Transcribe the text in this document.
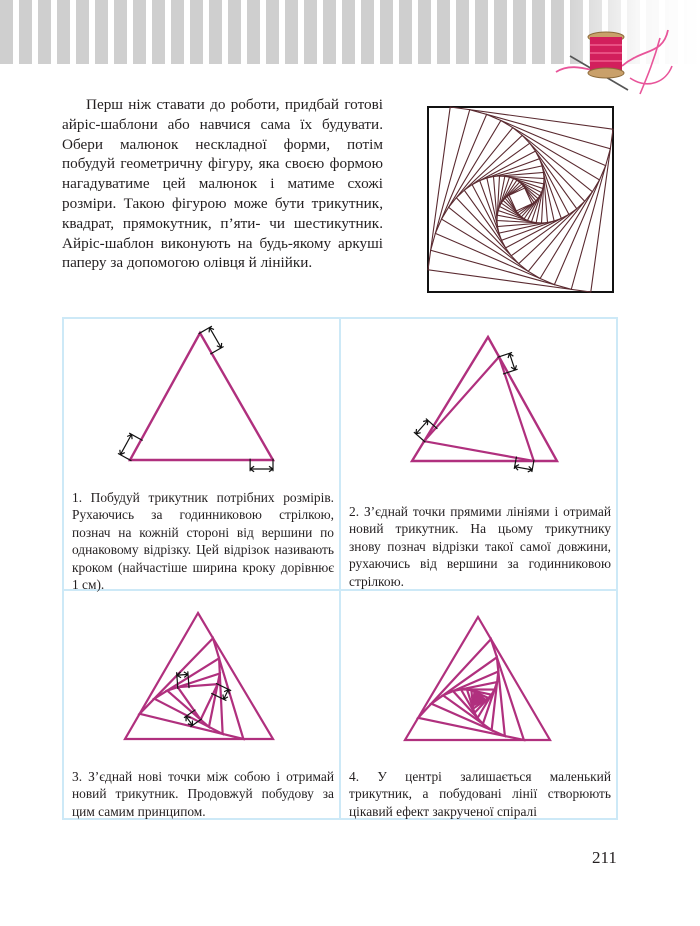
Перш ніж ставати до роботи, придбай готові айріс-шаблони або навчися сама їх будувати. Обери малюнок нескладної форми, потім побудуй геометричну фігуру, яка своєю формою нагадуватиме цей малюнок і матиме схожі розміри. Такою фігурою може бути трикутник, квадрат, прямокутник, п’яти- чи шестикутник. Айріс-шаблон виконують на будь-якому аркуші паперу за допомогою олівця й лінійки.

1. Побудуй трикутник потрібних розмірів. Рухаючись за годинниковою стрілкою, познач на кожній стороні від вершини по однаковому відрізку. Цей відрізок називають кроком (найчастіше ширина кроку дорівнює 1 см).

2. З’єднай точки прямими лініями і отримай новий трикутник. На цьому трикутнику знову познач відрізки такої самої довжини, рухаючись від вершини за годинниковою стрілкою.

3. З’єднай нові точки між собою і отримай новий трикутник. Продовжуй побудову за цим самим принципом.

4. У центрі залишається маленький трикутник, а побудовані лінії створюють цікавий ефект закрученої спіралі

211
